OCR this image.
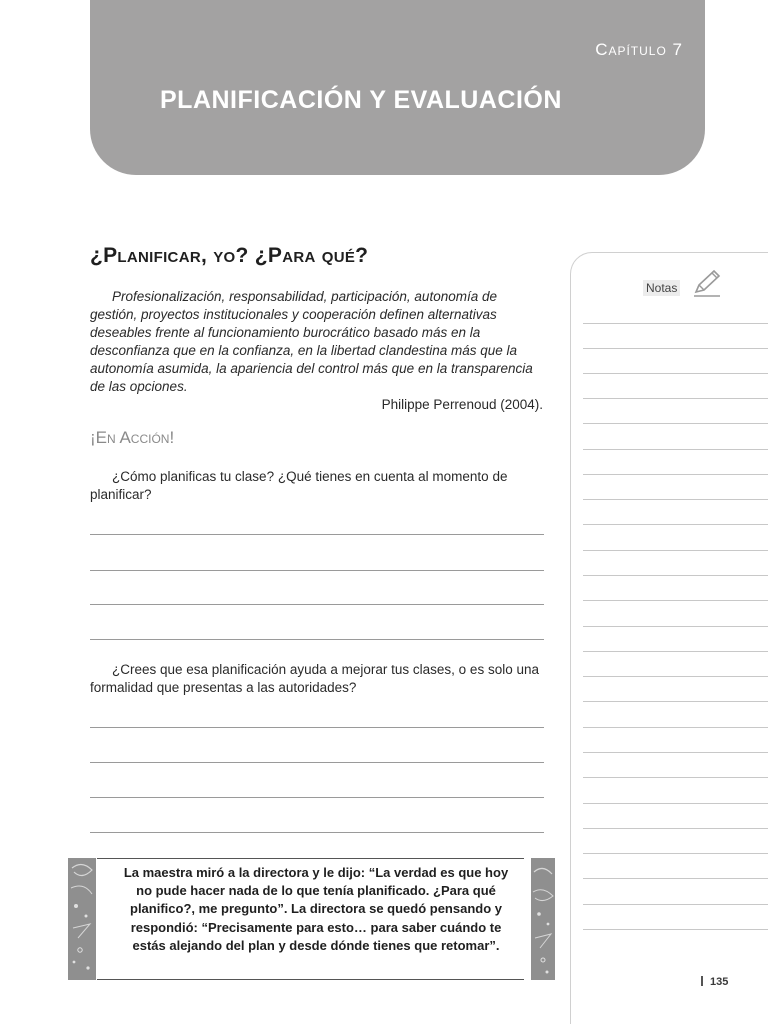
Capítulo 7
PLANIFICACIÓN Y EVALUACIÓN
¿Planificar, yo? ¿Para qué?

Profesionalización, responsabilidad, participación, autonomía de gestión, proyectos institucionales y cooperación definen alternativas deseables frente al funcionamiento burocrático basado más en la desconfianza que en la confianza, en la libertad clandestina más que la autonomía asumida, la apariencia del control más que en la transparencia de las opciones.

Philippe Perrenoud (2004).
¡En Acción!

¿Cómo planificas tu clase? ¿Qué tienes en cuenta al momento de planificar?

¿Crees que esa planificación ayuda a mejorar tus clases, o es solo una formalidad que presentas a las autoridades?

Notas

La maestra miró a la directora y le dijo: “La verdad es que hoy no pude hacer nada de lo que tenía planificado. ¿Para qué planifico?, me pregunto”. La directora se quedó pensando y respondió: “Precisamente para esto… para saber cuándo te estás alejando del plan y desde dónde tienes que retomar”.

135
